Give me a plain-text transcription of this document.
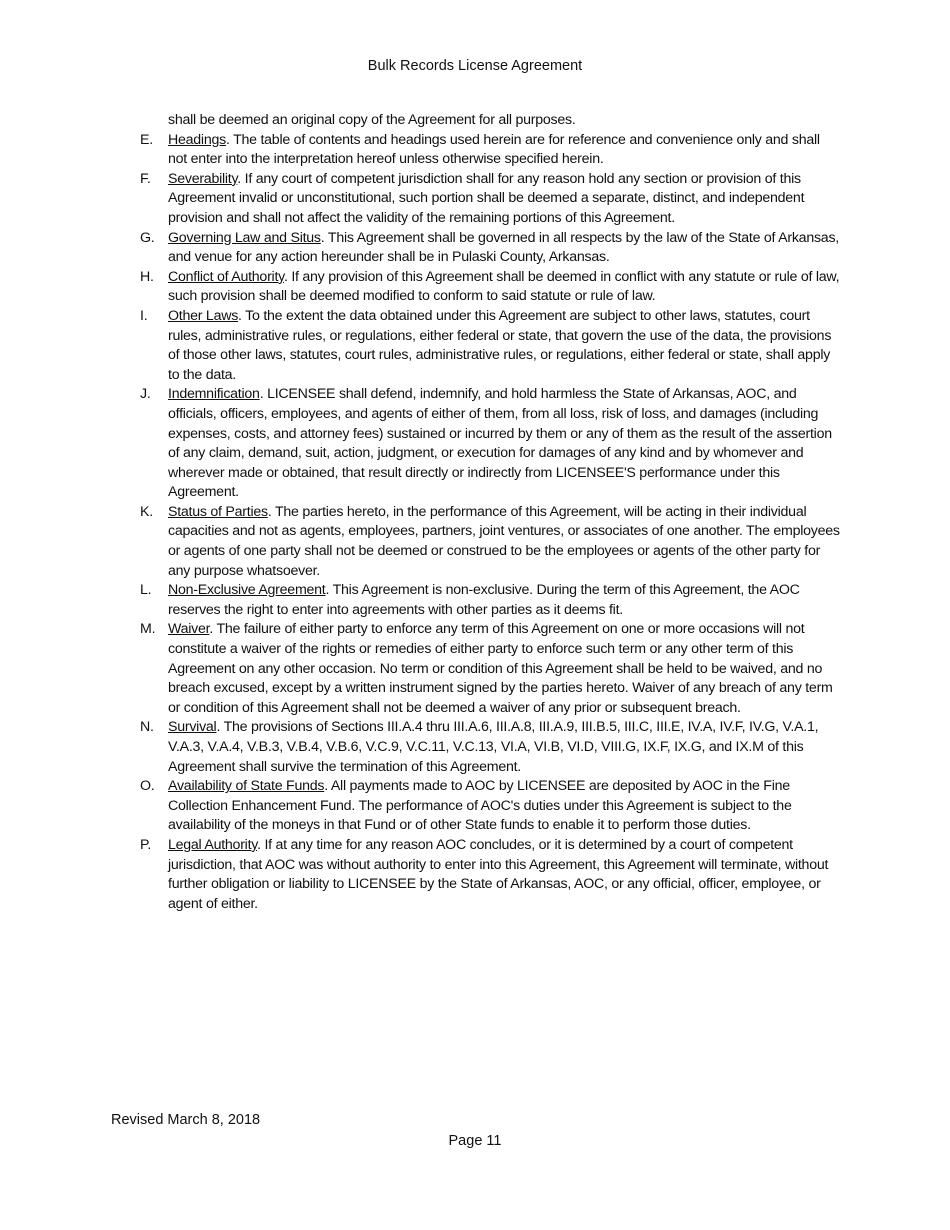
Bulk Records License Agreement
shall be deemed an original copy of the Agreement for all purposes.
E.	Headings. The table of contents and headings used herein are for reference and convenience only and shall not enter into the interpretation hereof unless otherwise specified herein.
F.	Severability. If any court of competent jurisdiction shall for any reason hold any section or provision of this Agreement invalid or unconstitutional, such portion shall be deemed a separate, distinct, and independent provision and shall not affect the validity of the remaining portions of this Agreement.
G. Governing Law and Situs. This Agreement shall be governed in all respects by the law of the State of Arkansas, and venue for any action hereunder shall be in Pulaski County, Arkansas.
H.	Conflict of Authority. If any provision of this Agreement shall be deemed in conflict with any statute or rule of law, such provision shall be deemed modified to conform to said statute or rule of law.
I.	Other Laws. To the extent the data obtained under this Agreement are subject to other laws, statutes, court rules, administrative rules, or regulations, either federal or state, that govern the use of the data, the provisions of those other laws, statutes, court rules, administrative rules, or regulations, either federal or state, shall apply to the data.
J.	Indemnification. LICENSEE shall defend, indemnify, and hold harmless the State of Arkansas, AOC, and officials, officers, employees, and agents of either of them, from all loss, risk of loss, and damages (including expenses, costs, and attorney fees) sustained or incurred by them or any of them as the result of the assertion of any claim, demand, suit, action, judgment, or execution for damages of any kind and by whomever and wherever made or obtained, that result directly or indirectly from LICENSEE'S performance under this Agreement.
K.	Status of Parties. The parties hereto, in the performance of this Agreement, will be acting in their individual capacities and not as agents, employees, partners, joint ventures, or associates of one another. The employees or agents of one party shall not be deemed or construed to be the employees or agents of the other party for any purpose whatsoever.
L.	Non-Exclusive Agreement. This Agreement is non-exclusive. During the term of this Agreement, the AOC reserves the right to enter into agreements with other parties as it deems fit.
M. Waiver. The failure of either party to enforce any term of this Agreement on one or more occasions will not constitute a waiver of the rights or remedies of either party to enforce such term or any other term of this Agreement on any other occasion. No term or condition of this Agreement shall be held to be waived, and no breach excused, except by a written instrument signed by the parties hereto. Waiver of any breach of any term or condition of this Agreement shall not be deemed a waiver of any prior or subsequent breach.
N.	Survival. The provisions of Sections III.A.4 thru III.A.6, III.A.8, III.A.9, III.B.5, III.C, III.E, IV.A, IV.F, IV.G, V.A.1, V.A.3, V.A.4, V.B.3, V.B.4, V.B.6, V.C.9, V.C.11, V.C.13, VI.A, VI.B, VI.D, VIII.G, IX.F, IX.G, and IX.M of this Agreement shall survive the termination of this Agreement.
O. Availability of State Funds. All payments made to AOC by LICENSEE are deposited by AOC in the Fine Collection Enhancement Fund. The performance of AOC's duties under this Agreement is subject to the availability of the moneys in that Fund or of other State funds to enable it to perform those duties.
P.	Legal Authority. If at any time for any reason AOC concludes, or it is determined by a court of competent jurisdiction, that AOC was without authority to enter into this Agreement, this Agreement will terminate, without further obligation or liability to LICENSEE by the State of Arkansas, AOC, or any official, officer, employee, or agent of either.
Revised March 8, 2018
Page 11
